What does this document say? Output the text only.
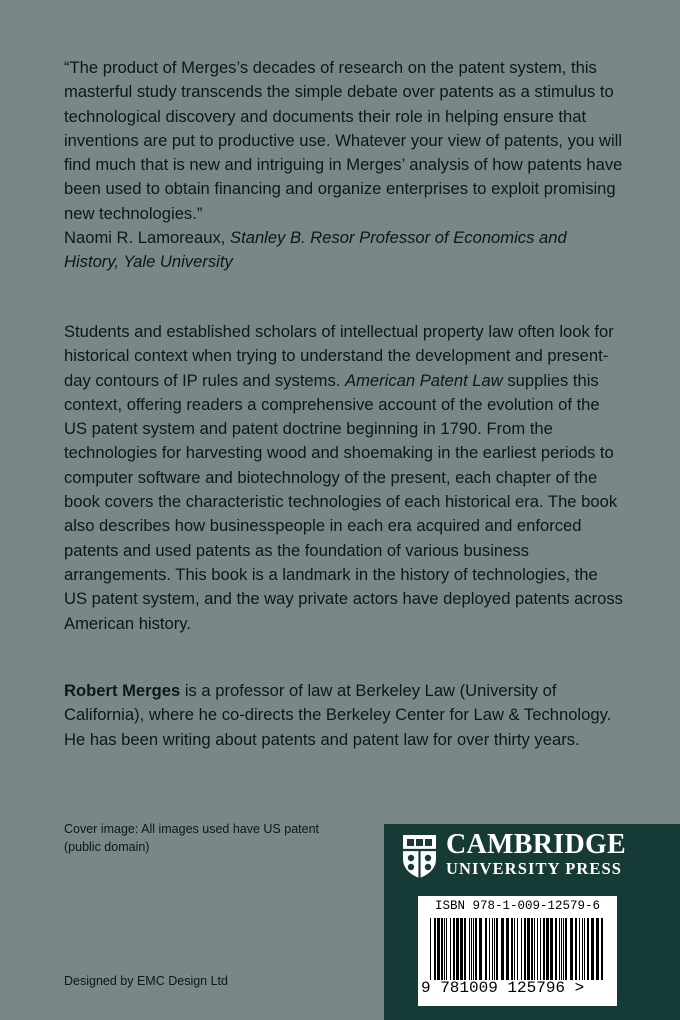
“The product of Merges’s decades of research on the patent system, this masterful study transcends the simple debate over patents as a stimulus to technological discovery and documents their role in helping ensure that inventions are put to productive use. Whatever your view of patents, you will find much that is new and intriguing in Merges’ analysis of how patents have been used to obtain financing and organize enterprises to exploit promising new technologies.”

Naomi R. Lamoreaux, Stanley B. Resor Professor of Economics and History, Yale University

Students and established scholars of intellectual property law often look for historical context when trying to understand the development and present-day contours of IP rules and systems. American Patent Law supplies this context, offering readers a comprehensive account of the evolution of the US patent system and patent doctrine beginning in 1790. From the technologies for harvesting wood and shoemaking in the earliest periods to computer software and biotechnology of the present, each chapter of the book covers the characteristic technologies of each historical era. The book also describes how businesspeople in each era acquired and enforced patents and used patents as the foundation of various business arrangements. This book is a landmark in the history of technologies, the US patent system, and the way private actors have deployed patents across American history.

Robert Merges is a professor of law at Berkeley Law (University of California), where he co-directs the Berkeley Center for Law & Technology. He has been writing about patents and patent law for over thirty years.

Cover image: All images used have US patent (public domain)

Designed by EMC Design Ltd

CAMBRIDGE
UNIVERSITY PRESS
ISBN 978-1-009-12579-6
9 781009 125796 >
